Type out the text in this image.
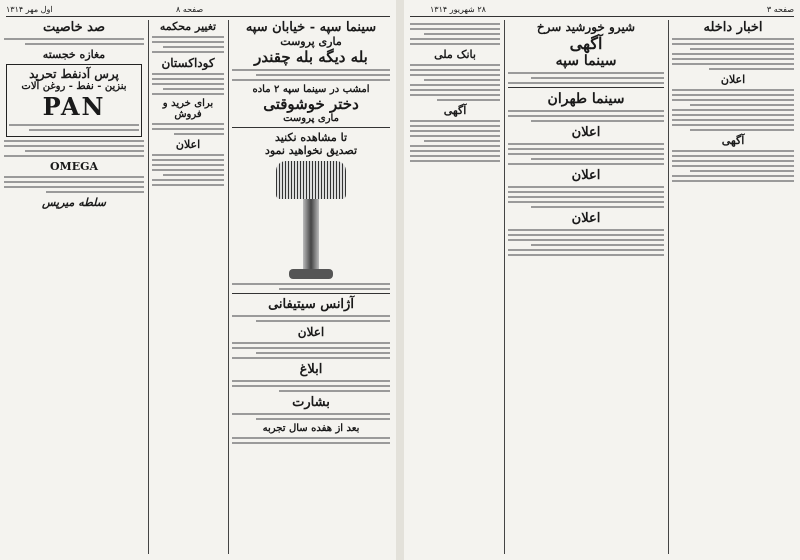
اول مهر ۱۳۱۴	صفحه ۸
سینما سپه - خیابان سپه
ماری پروست
بله دیگه بله چقندر
امشب در سینما سپه ۲ ماده
دختر خوشوقتی
ماری پروست
تا مشاهده نکنید
تصدیق نخواهید نمود
آژانس سیتیفانی
اعلان
ابلاغ
بشارت
بعد از هفده سال تجربه
تغییر محکمه
کوداکستان
برای خرید و فروش
اعلان
صد خاصیت
مغازه خجسته
پرس آدنفط تحرید
بنزین - نفط - روغن آلات
PAN
OMEGA
سلطه میرپس
۲۸ شهریور ۱۳۱۴	صفحه ۳
اخبار داخله
اعلان
آگهی
شیرو خورشید سرخ
آگهی
سینما سپه
سینما طهران
اعلان
اعلان
اعلان
بانک ملی
آگهی
